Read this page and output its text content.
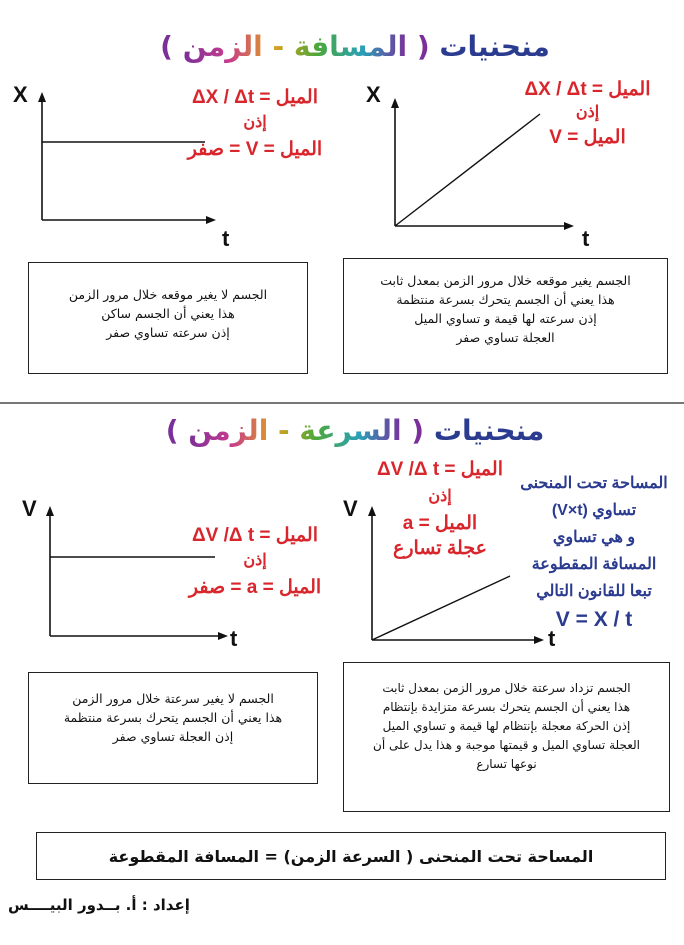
منحنيات ( المسافة - الزمن )
X
t
الميل = ΔX / Δt
إذن
الميل = V = صفر
X
t
الميل = ΔX / Δt
إذن
الميل = V
الجسم لا يغير موقعه خلال مرور الزمن
هذا يعني أن الجسم ساكن
إذن سرعته تساوي صفر
الجسم يغير موقعه خلال مرور الزمن بمعدل ثابت
هذا يعني أن الجسم يتحرك بسرعة منتظمة
إذن سرعته لها قيمة و تساوي الميل
العجلة تساوي صفر
منحنيات ( السرعة - الزمن )
V
t
الميل = ΔV /Δ t
إذن
الميل = a = صفر
V
t
الميل = ΔV /Δ t
إذن
الميل = a
عجلة تسارع
المساحة تحت المنحنى
تساوي (V×t)
و هي تساوي
المسافة المقطوعة
تبعا للقانون التالي
V = X / t
الجسم لا يغير سرعتة خلال مرور الزمن
هذا يعني أن الجسم يتحرك بسرعة منتظمة
إذن العجلة تساوي صفر
الجسم تزداد سرعتة خلال مرور الزمن بمعدل ثابت
هذا يعني أن الجسم يتحرك بسرعة متزايدة بإنتظام
إذن الحركة معجلة بإنتظام لها قيمة و تساوي الميل
العجلة تساوي الميل و قيمتها موجبة و هذا يدل على أن
نوعها تسارع
المساحة تحت المنحنى ( السرعة الزمن) = المسافة المقطوعة
إعداد : أ. بــدور البيــــس
